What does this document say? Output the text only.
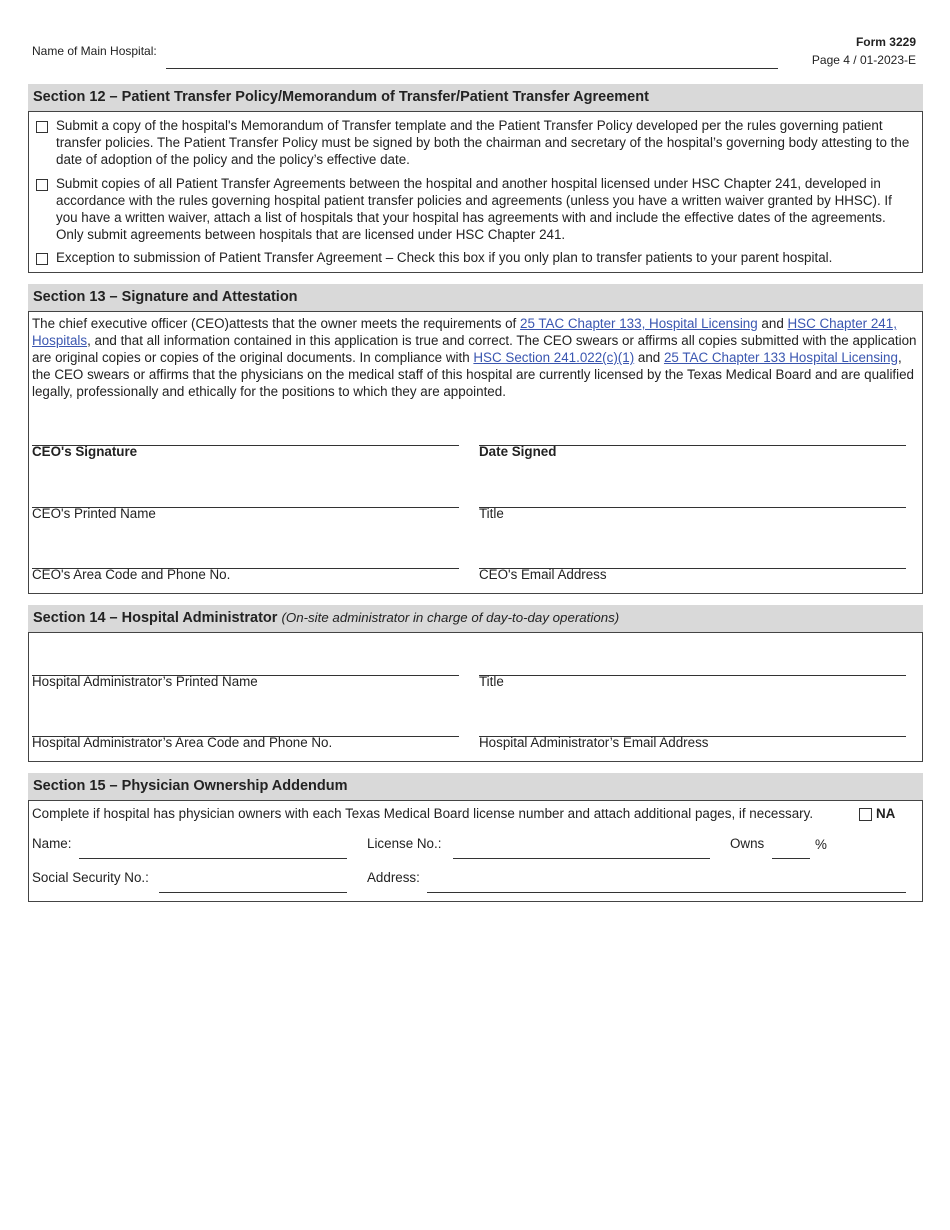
Name of Main Hospital:
Form 3229
Page 4 / 01-2023-E
Section 12 – Patient Transfer Policy/Memorandum of Transfer/Patient Transfer Agreement
Submit a copy of the hospital's Memorandum of Transfer template and the Patient Transfer Policy developed per the rules governing patient transfer policies. The Patient Transfer Policy must be signed by both the chairman and secretary of the hospital’s governing body attesting to the date of adoption of the policy and the policy’s effective date.
Submit copies of all Patient Transfer Agreements between the hospital and another hospital licensed under HSC Chapter 241, developed in accordance with the rules governing hospital patient transfer policies and agreements (unless you have a written waiver granted by HHSC). If you have a written waiver, attach a list of hospitals that your hospital has agreements with and include the effective dates of the agreements. Only submit agreements between hospitals that are licensed under HSC Chapter 241.
Exception to submission of Patient Transfer Agreement – Check this box if you only plan to transfer patients to your parent hospital.
Section 13 – Signature and Attestation
The chief executive officer (CEO)attests that the owner meets the requirements of 25 TAC Chapter 133, Hospital Licensing and HSC Chapter 241, Hospitals, and that all information contained in this application is true and correct. The CEO swears or affirms all copies submitted with the application are original copies or copies of the original documents. In compliance with HSC Section 241.022(c)(1) and 25 TAC Chapter 133 Hospital Licensing, the CEO swears or affirms that the physicians on the medical staff of this hospital are currently licensed by the Texas Medical Board and are qualified legally, professionally and ethically for the positions to which they are appointed.
CEO's Signature	Date Signed
CEO's Printed Name	Title
CEO's Area Code and Phone No.	CEO's Email Address
Section 14 – Hospital Administrator (On-site administrator in charge of day-to-day operations)
Hospital Administrator’s Printed Name	Title
Hospital Administrator’s Area Code and Phone No.	Hospital Administrator’s Email Address
Section 15 – Physician Ownership Addendum
Complete if hospital has physician owners with each Texas Medical Board license number and attach additional pages, if necessary.	NA
Name:	License No.:	Owns	%
Social Security No.:	Address:
